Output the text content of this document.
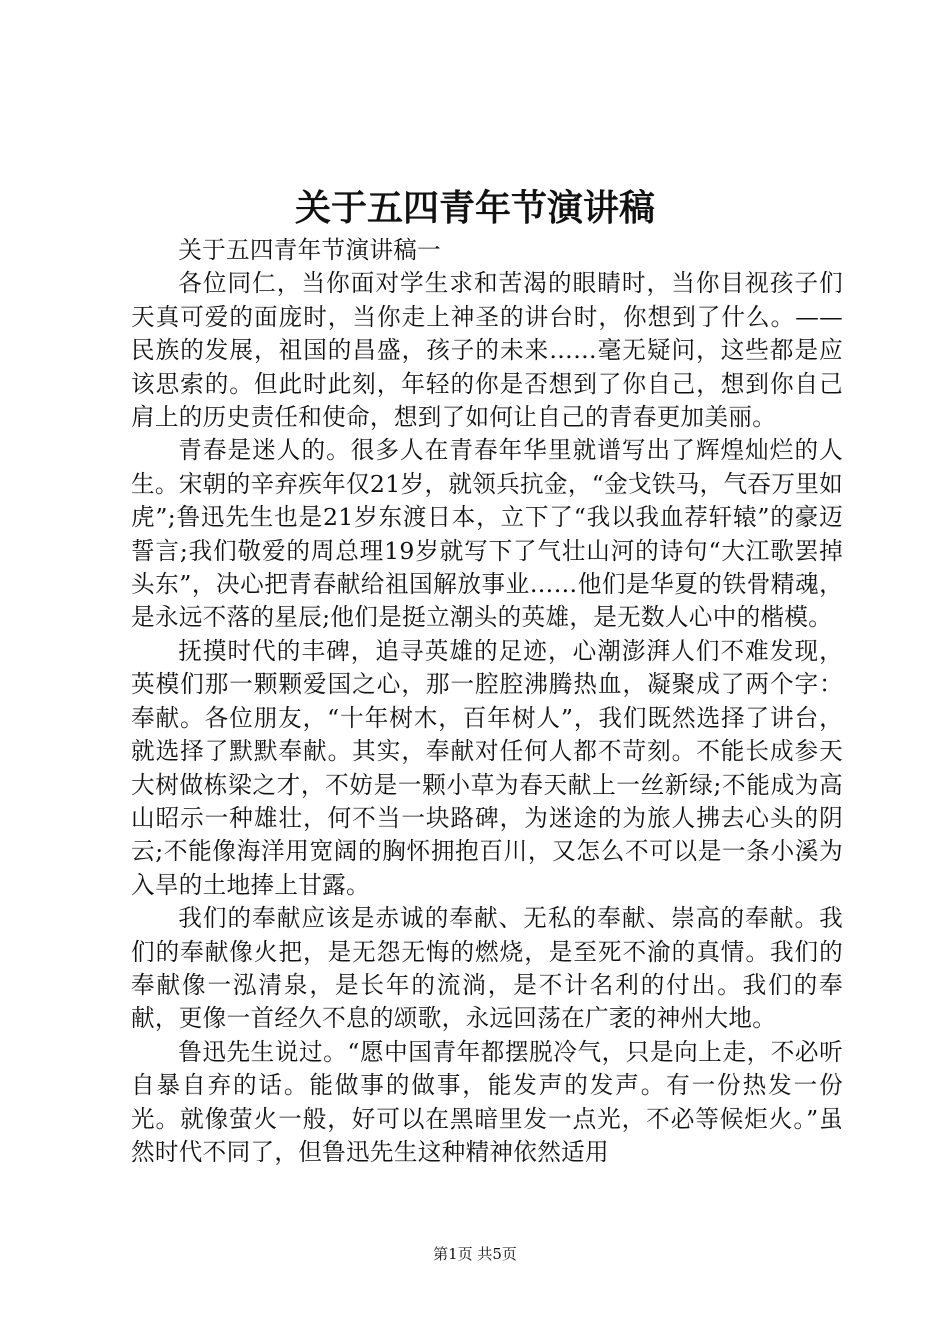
关于五四青年节演讲稿

关于五四青年节演讲稿一

各位同仁，当你面对学生求和苦渴的眼睛时，当你目视孩子们天真可爱的面庞时，当你走上神圣的讲台时，你想到了什么。——民族的发展，祖国的昌盛，孩子的未来……毫无疑问，这些都是应该思索的。但此时此刻，年轻的你是否想到了你自己，想到你自己肩上的历史责任和使命，想到了如何让自己的青春更加美丽。

青春是迷人的。很多人在青春年华里就谱写出了辉煌灿烂的人生。宋朝的辛弃疾年仅21岁，就领兵抗金，“金戈铁马，气吞万里如虎”;鲁迅先生也是21岁东渡日本，立下了“我以我血荐轩辕”的豪迈誓言;我们敬爱的周总理19岁就写下了气壮山河的诗句“大江歌罢掉头东”，决心把青春献给祖国解放事业……他们是华夏的铁骨精魂，是永远不落的星辰;他们是挺立潮头的英雄，是无数人心中的楷模。

抚摸时代的丰碑，追寻英雄的足迹，心潮澎湃人们不难发现，英模们那一颗颗爱国之心，那一腔腔沸腾热血，凝聚成了两个字：奉献。各位朋友，“十年树木，百年树人”，我们既然选择了讲台，就选择了默默奉献。其实，奉献对任何人都不苛刻。不能长成参天大树做栋梁之才，不妨是一颗小草为春天献上一丝新绿;不能成为高山昭示一种雄壮，何不当一块路碑，为迷途的为旅人拂去心头的阴云;不能像海洋用宽阔的胸怀拥抱百川，又怎么不可以是一条小溪为入旱的土地捧上甘露。

我们的奉献应该是赤诚的奉献、无私的奉献、崇高的奉献。我们的奉献像火把，是无怨无悔的燃烧，是至死不渝的真情。我们的奉献像一泓清泉，是长年的流淌，是不计名利的付出。我们的奉献，更像一首经久不息的颂歌，永远回荡在广袤的神州大地。

鲁迅先生说过。“愿中国青年都摆脱冷气，只是向上走，不必听自暴自弃的话。能做事的做事，能发声的发声。有一份热发一份光。就像萤火一般，好可以在黑暗里发一点光，不必等候炬火。”虽然时代不同了，但鲁迅先生这种精神依然适用

第1页 共5页
